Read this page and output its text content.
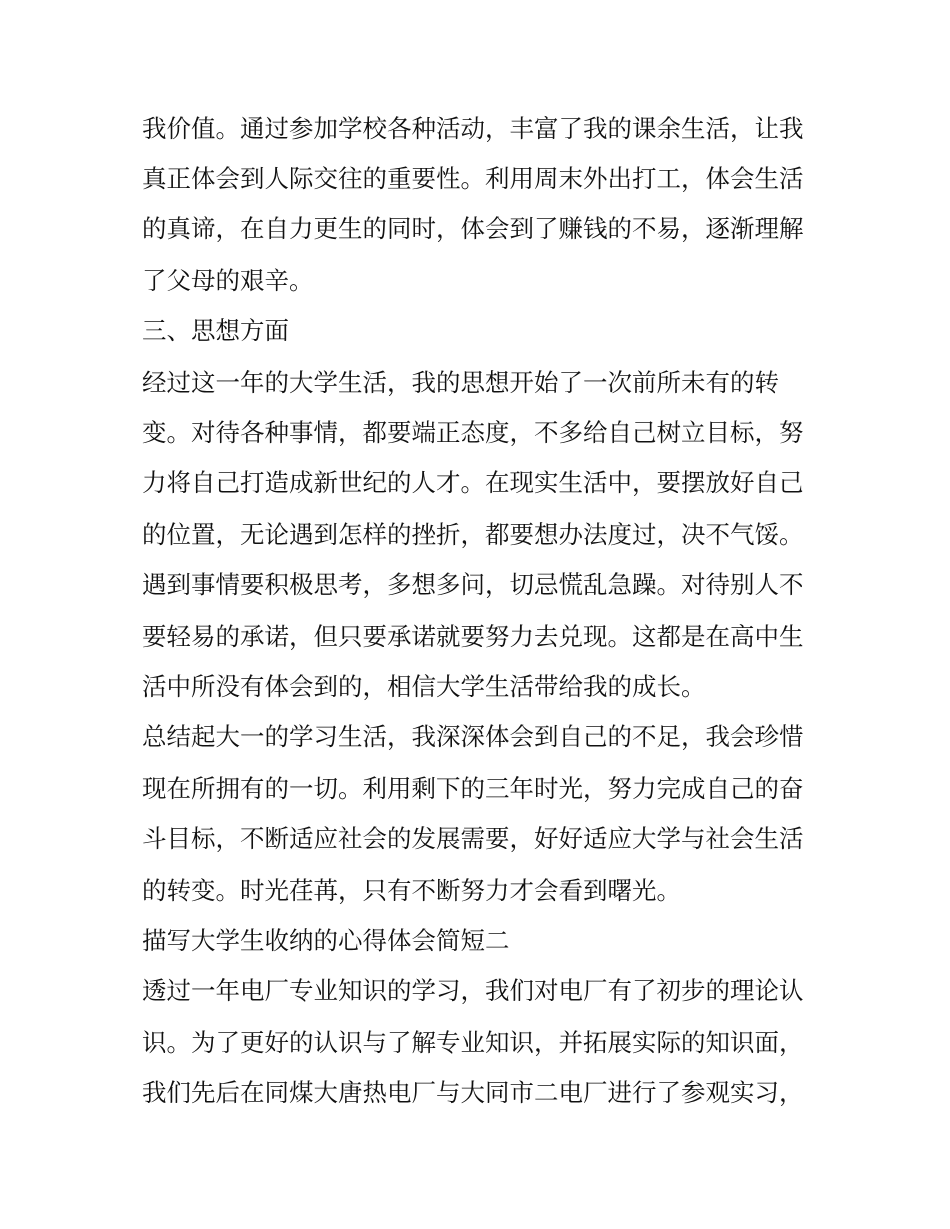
我价值。通过参加学校各种活动，丰富了我的课余生活，让我
真正体会到人际交往的重要性。利用周末外出打工，体会生活
的真谛，在自力更生的同时，体会到了赚钱的不易，逐渐理解
了父母的艰辛。
三、思想方面
经过这一年的大学生活，我的思想开始了一次前所未有的转
变。对待各种事情，都要端正态度，不多给自己树立目标，努
力将自己打造成新世纪的人才。在现实生活中，要摆放好自己
的位置，无论遇到怎样的挫折，都要想办法度过，决不气馁。
遇到事情要积极思考，多想多问，切忌慌乱急躁。对待别人不
要轻易的承诺，但只要承诺就要努力去兑现。这都是在高中生
活中所没有体会到的，相信大学生活带给我的成长。
总结起大一的学习生活，我深深体会到自己的不足，我会珍惜
现在所拥有的一切。利用剩下的三年时光，努力完成自己的奋
斗目标，不断适应社会的发展需要，好好适应大学与社会生活
的转变。时光荏苒，只有不断努力才会看到曙光。
描写大学生收纳的心得体会简短二
透过一年电厂专业知识的学习，我们对电厂有了初步的理论认
识。为了更好的认识与了解专业知识，并拓展实际的知识面，
我们先后在同煤大唐热电厂与大同市二电厂进行了参观实习，
